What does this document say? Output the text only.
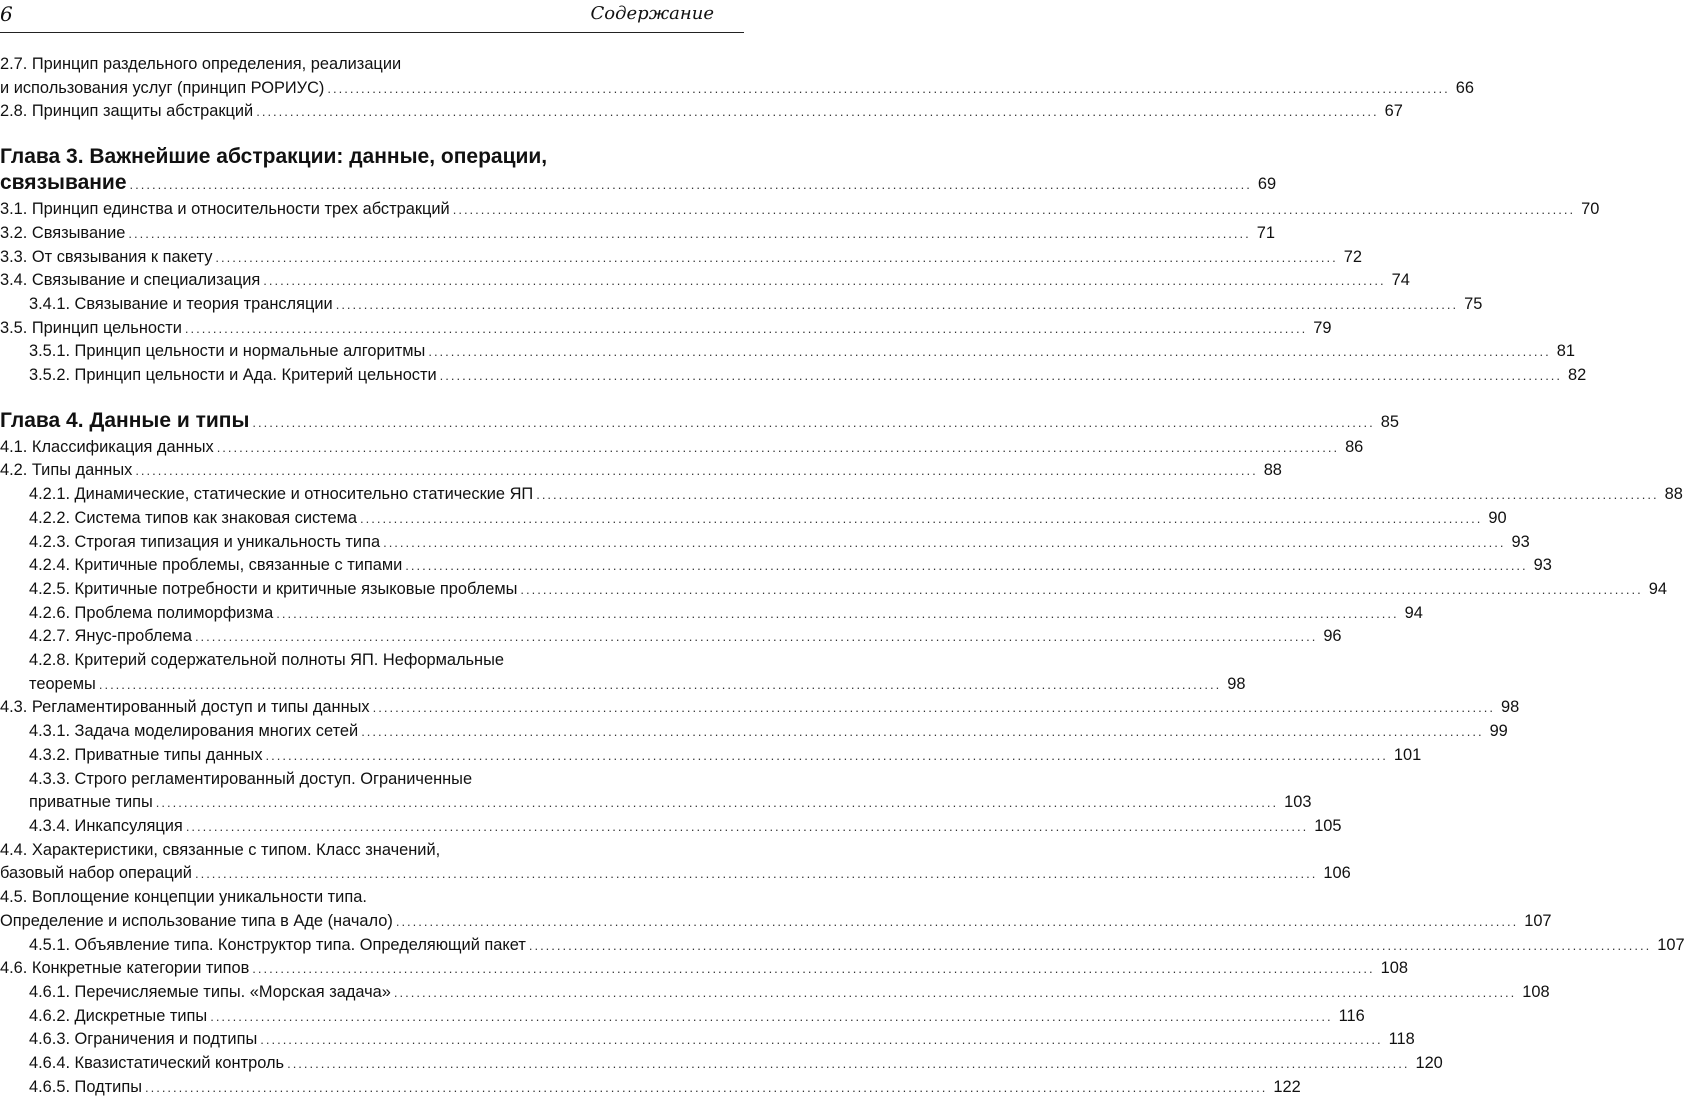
6	Содержание
2.7. Принцип раздельного определения, реализации
и использования услуг (принцип РОРИУС) ........................................................................................................................................................................................................ 66
2.8. Принцип защиты абстракций ........................................................................................................................................................................................................ 67
Глава 3. Важнейшие абстракции: данные, операции,
связывание ........................................................................................................................................................................................................ 69
3.1. Принцип единства и относительности трех абстракций ........................................................................................................................................................................................................ 70
3.2. Связывание ........................................................................................................................................................................................................ 71
3.3. От связывания к пакету ........................................................................................................................................................................................................ 72
3.4. Связывание и специализация ........................................................................................................................................................................................................ 74
3.4.1. Связывание и теория трансляции ........................................................................................................................................................................................................ 75
3.5. Принцип цельности ........................................................................................................................................................................................................ 79
3.5.1. Принцип цельности и нормальные алгоритмы ........................................................................................................................................................................................................ 81
3.5.2. Принцип цельности и Ада. Критерий цельности ........................................................................................................................................................................................................ 82
Глава 4. Данные и типы ........................................................................................................................................................................................................ 85
4.1. Классификация данных ........................................................................................................................................................................................................ 86
4.2. Типы данных ........................................................................................................................................................................................................ 88
4.2.1. Динамические, статические и относительно статические ЯП ........................................................................................................................................................................................................ 88
4.2.2. Система типов как знаковая система ........................................................................................................................................................................................................ 90
4.2.3. Строгая типизация и уникальность типа ........................................................................................................................................................................................................ 93
4.2.4. Критичные проблемы, связанные с типами ........................................................................................................................................................................................................ 93
4.2.5. Критичные потребности и критичные языковые проблемы ........................................................................................................................................................................................................ 94
4.2.6. Проблема полиморфизма ........................................................................................................................................................................................................ 94
4.2.7. Янус-проблема ........................................................................................................................................................................................................ 96
4.2.8. Критерий содержательной полноты ЯП. Неформальные
теоремы ........................................................................................................................................................................................................ 98
4.3. Регламентированный доступ и типы данных ........................................................................................................................................................................................................ 98
4.3.1. Задача моделирования многих сетей ........................................................................................................................................................................................................ 99
4.3.2. Приватные типы данных ........................................................................................................................................................................................................ 101
4.3.3. Строго регламентированный доступ. Ограниченные
приватные типы ........................................................................................................................................................................................................ 103
4.3.4. Инкапсуляция ........................................................................................................................................................................................................ 105
4.4. Характеристики, связанные с типом. Класс значений,
базовый набор операций ........................................................................................................................................................................................................ 106
4.5. Воплощение концепции уникальности типа.
Определение и использование типа в Аде (начало) ........................................................................................................................................................................................................ 107
4.5.1. Объявление типа. Конструктор типа. Определяющий пакет ........................................................................................................................................................................................................ 107
4.6. Конкретные категории типов ........................................................................................................................................................................................................ 108
4.6.1. Перечисляемые типы. «Морская задача» ........................................................................................................................................................................................................ 108
4.6.2. Дискретные типы ........................................................................................................................................................................................................ 116
4.6.3. Ограничения и подтипы ........................................................................................................................................................................................................ 118
4.6.4. Квазистатический контроль ........................................................................................................................................................................................................ 120
4.6.5. Подтипы ........................................................................................................................................................................................................ 122
